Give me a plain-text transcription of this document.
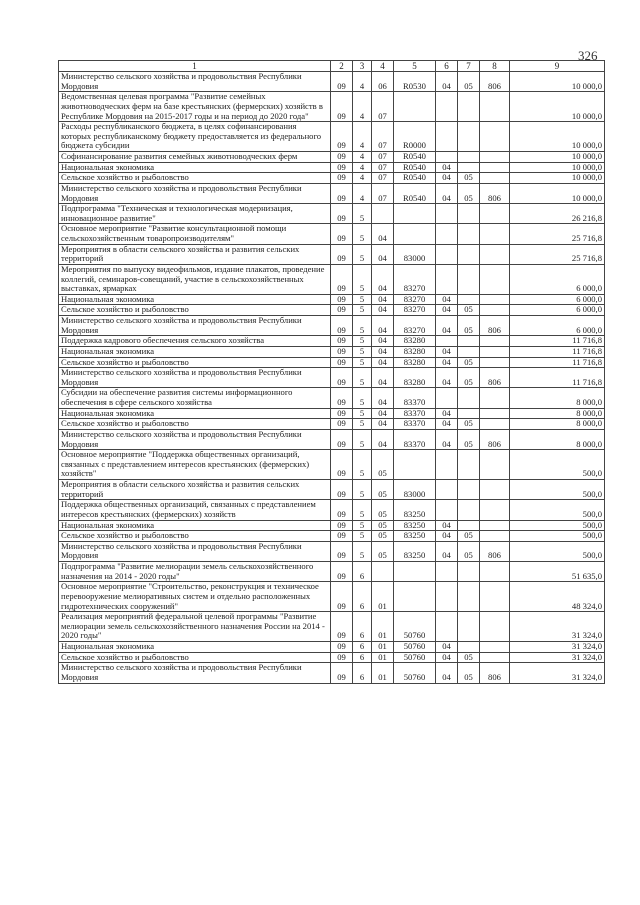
326
1	2	3	4	5	6	7	8	9
Министерство сельского хозяйства и продовольствия Республики Мордовия	09	4	06	R0530	04	05	806	10 000,0
Ведомственная целевая программа "Развитие семейных животноводческих ферм на базе крестьянских (фермерских) хозяйств в Республике Мордовия на 2015-2017 годы и на период до 2020 года"	09	4	07					10 000,0
Расходы республиканского бюджета, в целях софинансирования которых республиканскому бюджету предоставляется из федерального бюджета субсидии	09	4	07	R0000				10 000,0
Софинансирование развития семейных животноводческих ферм	09	4	07	R0540				10 000,0
Национальная экономика	09	4	07	R0540	04			10 000,0
Сельское хозяйство и рыболовство	09	4	07	R0540	04	05		10 000,0
Министерство сельского хозяйства и продовольствия Республики Мордовия	09	4	07	R0540	04	05	806	10 000,0
Подпрограмма "Техническая и технологическая модернизация, инновационное развитие"	09	5						26 216,8
Основное мероприятие "Развитие консультационной помощи сельскохозяйственным товаропроизводителям"	09	5	04					25 716,8
Мероприятия в области сельского хозяйства и развития сельских территорий	09	5	04	83000				25 716,8
Мероприятия по выпуску видеофильмов, издание плакатов, проведение коллегий, семинаров-совещаний, участие в сельскохозяйственных выставках, ярмарках	09	5	04	83270				6 000,0
Национальная экономика	09	5	04	83270	04			6 000,0
Сельское хозяйство и рыболовство	09	5	04	83270	04	05		6 000,0
Министерство сельского хозяйства и продовольствия Республики Мордовия	09	5	04	83270	04	05	806	6 000,0
Поддержка кадрового обеспечения сельского хозяйства	09	5	04	83280				11 716,8
Национальная экономика	09	5	04	83280	04			11 716,8
Сельское хозяйство и рыболовство	09	5	04	83280	04	05		11 716,8
Министерство сельского хозяйства и продовольствия Республики Мордовия	09	5	04	83280	04	05	806	11 716,8
Субсидии на обеспечение развития системы информационного обеспечения в сфере сельского хозяйства	09	5	04	83370				8 000,0
Национальная экономика	09	5	04	83370	04			8 000,0
Сельское хозяйство и рыболовство	09	5	04	83370	04	05		8 000,0
Министерство сельского хозяйства и продовольствия Республики Мордовия	09	5	04	83370	04	05	806	8 000,0
Основное мероприятие "Поддержка общественных организаций, связанных с представлением интересов крестьянских (фермерских) хозяйств"	09	5	05					500,0
Мероприятия в области сельского хозяйства и развития сельских территорий	09	5	05	83000				500,0
Поддержка общественных организаций, связанных с представлением интересов крестьянских (фермерских) хозяйств	09	5	05	83250				500,0
Национальная экономика	09	5	05	83250	04			500,0
Сельское хозяйство и рыболовство	09	5	05	83250	04	05		500,0
Министерство сельского хозяйства и продовольствия Республики Мордовия	09	5	05	83250	04	05	806	500,0
Подпрограмма "Развитие мелиорации земель сельскохозяйственного назначения на 2014 - 2020 годы"	09	6						51 635,0
Основное мероприятие "Строительство, реконструкция и техническое перевооружение мелиоративных систем и отдельно расположенных гидротехнических сооружений"	09	6	01					48 324,0
Реализация мероприятий федеральной целевой программы "Развитие мелиорации земель сельскохозяйственного назначения России на 2014 - 2020 годы"	09	6	01	50760				31 324,0
Национальная экономика	09	6	01	50760	04			31 324,0
Сельское хозяйство и рыболовство	09	6	01	50760	04	05		31 324,0
Министерство сельского хозяйства и продовольствия Республики Мордовия	09	6	01	50760	04	05	806	31 324,0
